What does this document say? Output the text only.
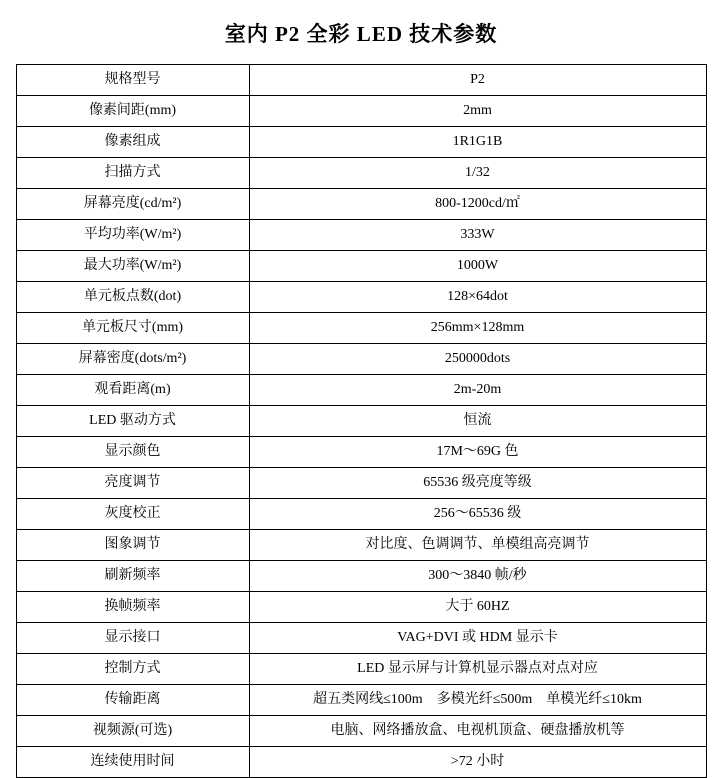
室内 P2 全彩 LED 技术参数
规格型号	P2
像素间距(mm)	2mm
像素组成	1R1G1B
扫描方式	1/32
屏幕亮度(cd/m²)	800-1200cd/㎡
平均功率(W/m²)	333W
最大功率(W/m²)	1000W
单元板点数(dot)	128×64dot
单元板尺寸(mm)	256mm×128mm
屏幕密度(dots/m²)	250000dots
观看距离(m)	2m-20m
LED 驱动方式	恒流
显示颜色	17M～69G 色
亮度调节	65536 级亮度等级
灰度校正	256～65536 级
图象调节	对比度、色调调节、单模组高亮调节
刷新频率	300～3840 帧/秒
换帧频率	大于 60HZ
显示接口	VAG+DVI 或 HDM 显示卡
控制方式	LED 显示屏与计算机显示器点对点对应
传输距离	超五类网线≤100m　多模光纤≤500m　单模光纤≤10km
视频源(可选)	电脑、网络播放盒、电视机顶盒、硬盘播放机等
连续使用时间	>72 小时
